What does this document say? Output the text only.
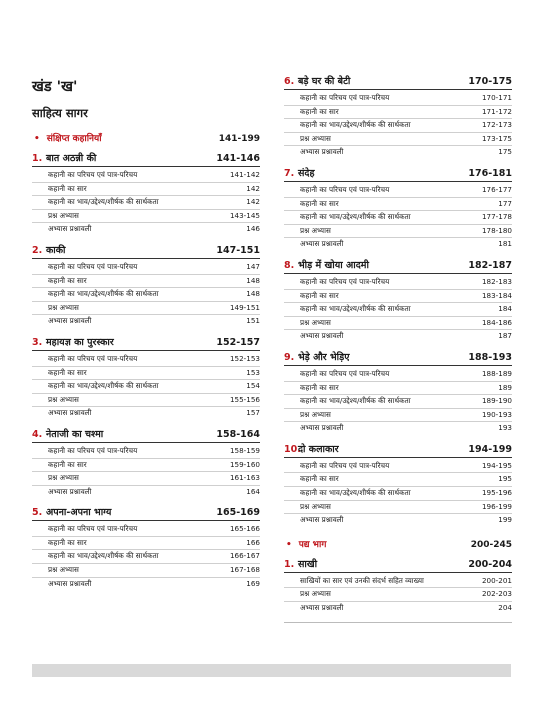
खंड 'ख'
साहित्य सागर
• संक्षिप्त कहानियाँ	141-199
1. बात अठन्नी की	141-146
कहानी का परिचय एवं पात्र-परिचय	141-142
कहानी का सार	142
कहानी का भाव/उद्देश्य/शीर्षक की सार्थकता	142
प्रश्न अभ्यास	143-145
अभ्यास प्रश्नावली	146
2. काकी	147-151
कहानी का परिचय एवं पात्र-परिचय	147
कहानी का सार	148
कहानी का भाव/उद्देश्य/शीर्षक की सार्थकता	148
प्रश्न अभ्यास	149-151
अभ्यास प्रश्नावली	151
3. महायज्ञ का पुरस्कार	152-157
कहानी का परिचय एवं पात्र-परिचय	152-153
कहानी का सार	153
कहानी का भाव/उद्देश्य/शीर्षक की सार्थकता	154
प्रश्न अभ्यास	155-156
अभ्यास प्रश्नावली	157
4. नेताजी का चश्मा	158-164
कहानी का परिचय एवं पात्र-परिचय	158-159
कहानी का सार	159-160
प्रश्न अभ्यास	161-163
अभ्यास प्रश्नावली	164
5. अपना-अपना भाग्य	165-169
कहानी का परिचय एवं पात्र-परिचय	165-166
कहानी का सार	166
कहानी का भाव/उद्देश्य/शीर्षक की सार्थकता	166-167
प्रश्न अभ्यास	167-168
अभ्यास प्रश्नावली	169
6. बड़े घर की बेटी	170-175
कहानी का परिचय एवं पात्र-परिचय	170-171
कहानी का सार	171-172
कहानी का भाव/उद्देश्य/शीर्षक की सार्थकता	172-173
प्रश्न अभ्यास	173-175
अभ्यास प्रश्नावली	175
7. संदेह	176-181
कहानी का परिचय एवं पात्र-परिचय	176-177
कहानी का सार	177
कहानी का भाव/उद्देश्य/शीर्षक की सार्थकता	177-178
प्रश्न अभ्यास	178-180
अभ्यास प्रश्नावली	181
8. भीड़ में खोया आदमी	182-187
कहानी का परिचय एवं पात्र-परिचय	182-183
कहानी का सार	183-184
कहानी का भाव/उद्देश्य/शीर्षक की सार्थकता	184
प्रश्न अभ्यास	184-186
अभ्यास प्रश्नावली	187
9. भेड़े और भेड़िए	188-193
कहानी का परिचय एवं पात्र-परिचय	188-189
कहानी का सार	189
कहानी का भाव/उद्देश्य/शीर्षक की सार्थकता	189-190
प्रश्न अभ्यास	190-193
अभ्यास प्रश्नावली	193
10.दो कलाकार	194-199
कहानी का परिचय एवं पात्र-परिचय	194-195
कहानी का सार	195
कहानी का भाव/उद्देश्य/शीर्षक की सार्थकता	195-196
प्रश्न अभ्यास	196-199
अभ्यास प्रश्नावली	199
• पद्य भाग	200-245
1. साखी	200-204
साखियों का सार एवं उनकी संदर्भ सहित व्याख्या	200-201
प्रश्न अभ्यास	202-203
अभ्यास प्रश्नावली	204
